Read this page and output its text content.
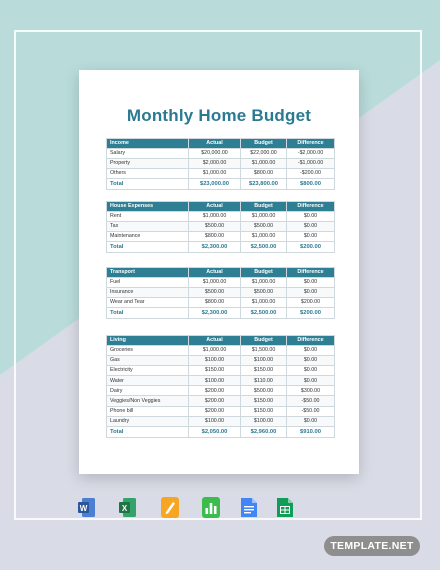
Monthly Home Budget
Income	Actual	Budget	Difference
Salary	$20,000.00	$22,000.00	-$2,000.00
Property	$2,000.00	$1,000.00	-$1,000.00
Others	$1,000.00	$800.00	-$200.00
Total	$23,000.00	$23,800.00	$800.00
House Expenses	Actual	Budget	Difference
Rent	$1,000.00	$1,000.00	$0.00
Tax	$500.00	$500.00	$0.00
Maintenance	$800.00	$1,000.00	$0.00
Total	$2,300.00	$2,500.00	$200.00
Transport	Actual	Budget	Difference
Fuel	$1,000.00	$1,000.00	$0.00
Insurance	$500.00	$500.00	$0.00
Wear and Tear	$800.00	$1,000.00	$200.00
Total	$2,300.00	$2,500.00	$200.00
Living	Actual	Budget	Difference
Groceries	$1,000.00	$1,500.00	$0.00
Gas	$100.00	$100.00	$0.00
Electricity	$150.00	$150.00	$0.00
Water	$100.00	$110.00	$0.00
Dairy	$200.00	$500.00	$300.00
Veggies/Non Veggies	$200.00	$150.00	-$50.00
Phone bill	$200.00	$150.00	-$50.00
Laundry	$100.00	$100.00	$0.00
Total	$2,050.00	$2,960.00	$910.00
W	X
TEMPLATE.NET
